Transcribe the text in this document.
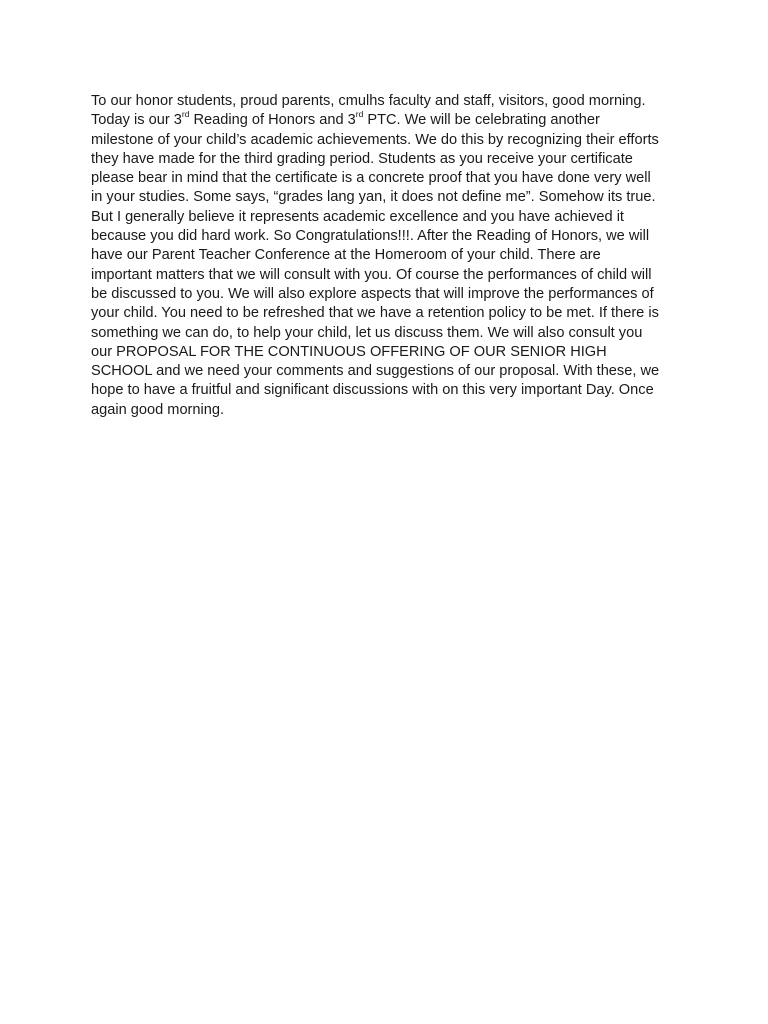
To our honor students, proud parents, cmulhs faculty and staff, visitors, good morning.
Today is our 3rd Reading of Honors and 3rd PTC. We will be celebrating another
milestone of your child’s academic achievements. We do this by recognizing their efforts
they have made for the third grading period. Students as you receive your certificate
please bear in mind that the certificate is a concrete proof that you have done very well
in your studies. Some says, “grades lang yan, it does not define me”. Somehow its true.
But I generally believe it represents academic excellence and you have achieved it
because you did hard work. So Congratulations!!!. After the Reading of Honors, we will
have our Parent Teacher Conference at the Homeroom of your child. There are
important matters that we will consult with you. Of course the performances of child will
be discussed to you. We will also explore aspects that will improve the performances of
your child. You need to be refreshed that we have a retention policy to be met. If there is
something we can do, to help your child, let us discuss them. We will also consult you
our PROPOSAL FOR THE CONTINUOUS OFFERING OF OUR SENIOR HIGH
SCHOOL and we need your comments and suggestions of our proposal. With these, we
hope to have a fruitful and significant discussions with on this very important Day. Once
again good morning.
